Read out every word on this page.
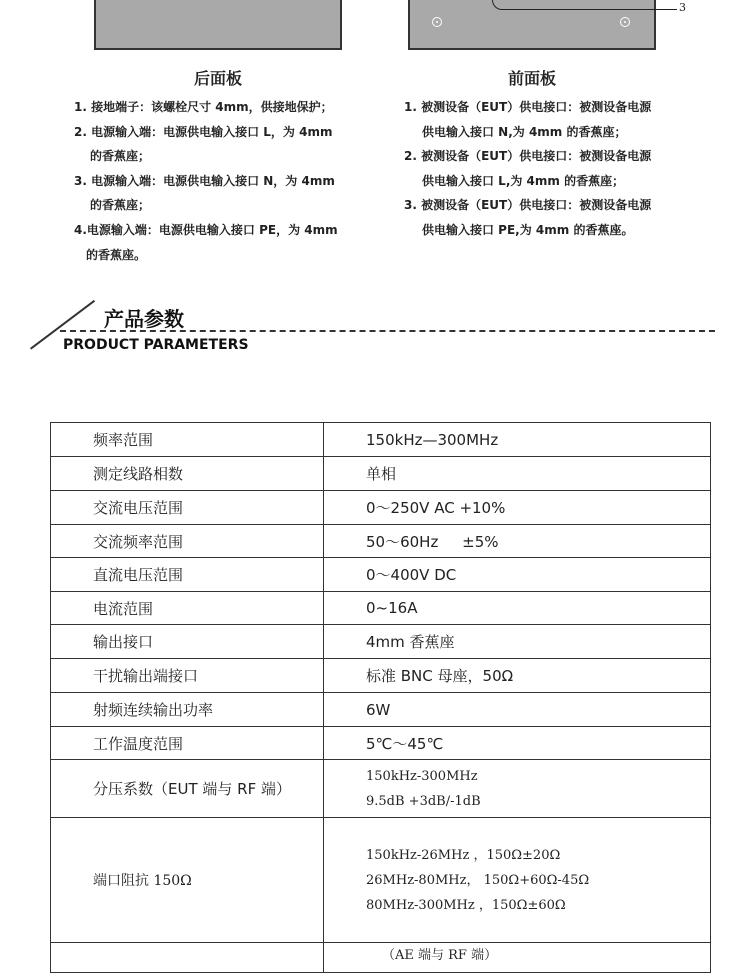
3
后面板	前面板
1. 接地端子：该螺栓尺寸 4mm，供接地保护；
2. 电源输入端：电源供电输入接口 L，为 4mm
的香蕉座；
3. 电源输入端：电源供电输入接口 N，为 4mm
的香蕉座；
4.电源输入端：电源供电输入接口 PE，为 4mm
的香蕉座。
1. 被测设备（EUT）供电接口：被测设备电源
供电输入接口 N,为 4mm 的香蕉座；
2. 被测设备（EUT）供电接口：被测设备电源
供电输入接口 L,为 4mm 的香蕉座；
3. 被测设备（EUT）供电接口：被测设备电源
供电输入接口 PE,为 4mm 的香蕉座。
产品参数
PRODUCT PARAMETERS
频率范围	150kHz—300MHz
测定线路相数	单相
交流电压范围	0～250V AC +10%
交流频率范围	50～60Hz     ±5%
直流电压范围	0～400V DC
电流范围	0~16A
输出接口	4mm 香蕉座
干扰输出端接口	标准 BNC 母座，50Ω
射频连续输出功率	6W
工作温度范围	5℃～45℃
分压系数（EUT 端与 RF 端）	150kHz-300MHz
9.5dB +3dB/-1dB

端口阻抗 150Ω	150kHz-26MHz ，150Ω±20Ω
26MHz-80MHz， 150Ω+60Ω-45Ω
80MHz-300MHz ，150Ω±60Ω

	（AE 端与 RF 端）
